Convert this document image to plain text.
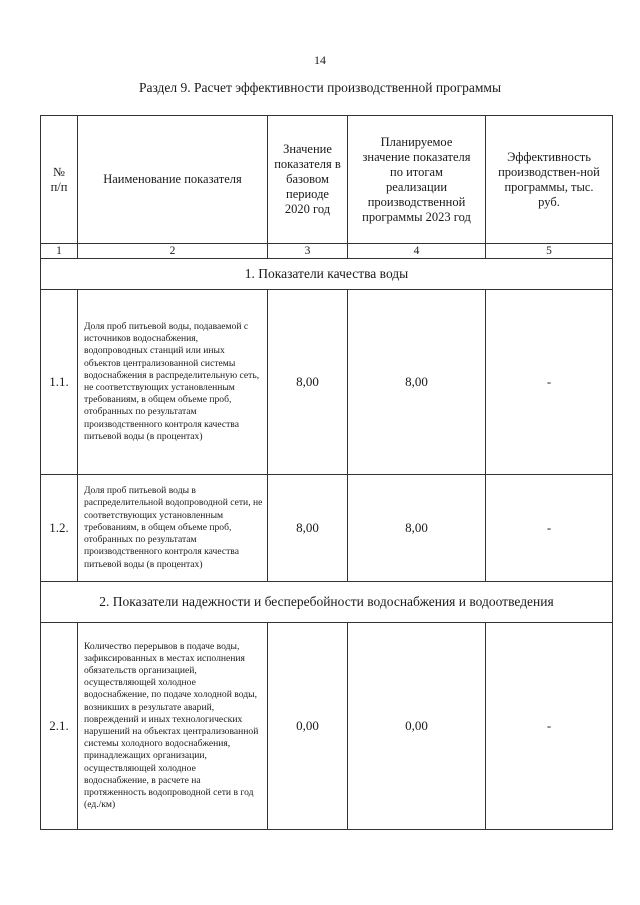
14
Раздел 9. Расчет эффективности производственной программы
№ п/п	Наименование показателя	Значение показателя в базовом периоде 2020 год	Планируемое значение показателя по итогам реализации производственной программы 2023 год	Эффективность производствен-ной программы, тыс. руб.
1	2	3	4	5
1. Показатели качества воды				
1.1.	Доля проб питьевой воды, подаваемой с источников водоснабжения, водопроводных станций или иных объектов централизованной системы водоснабжения в распределительную сеть, не соответствующих установленным требованиям, в общем объеме проб, отобранных по результатам производственного контроля качества питьевой воды (в процентах)	8,00	8,00	-
1.2.	Доля проб питьевой воды в распределительной водопроводной сети, не соответствующих установленным требованиям, в общем объеме проб, отобранных по результатам производственного контроля качества питьевой воды (в процентах)	8,00	8,00	-
2. Показатели надежности и бесперебойности водоснабжения и водоотведения				
2.1.	Количество перерывов в подаче воды, зафиксированных в местах исполнения обязательств организацией, осуществляющей холодное водоснабжение, по подаче холодной воды, возникших в результате аварий, повреждений и иных технологических нарушений на объектах централизованной системы холодного водоснабжения, принадлежащих организации, осуществляющей холодное водоснабжение, в расчете на протяженность водопроводной сети в год (ед./км)	0,00	0,00	-
